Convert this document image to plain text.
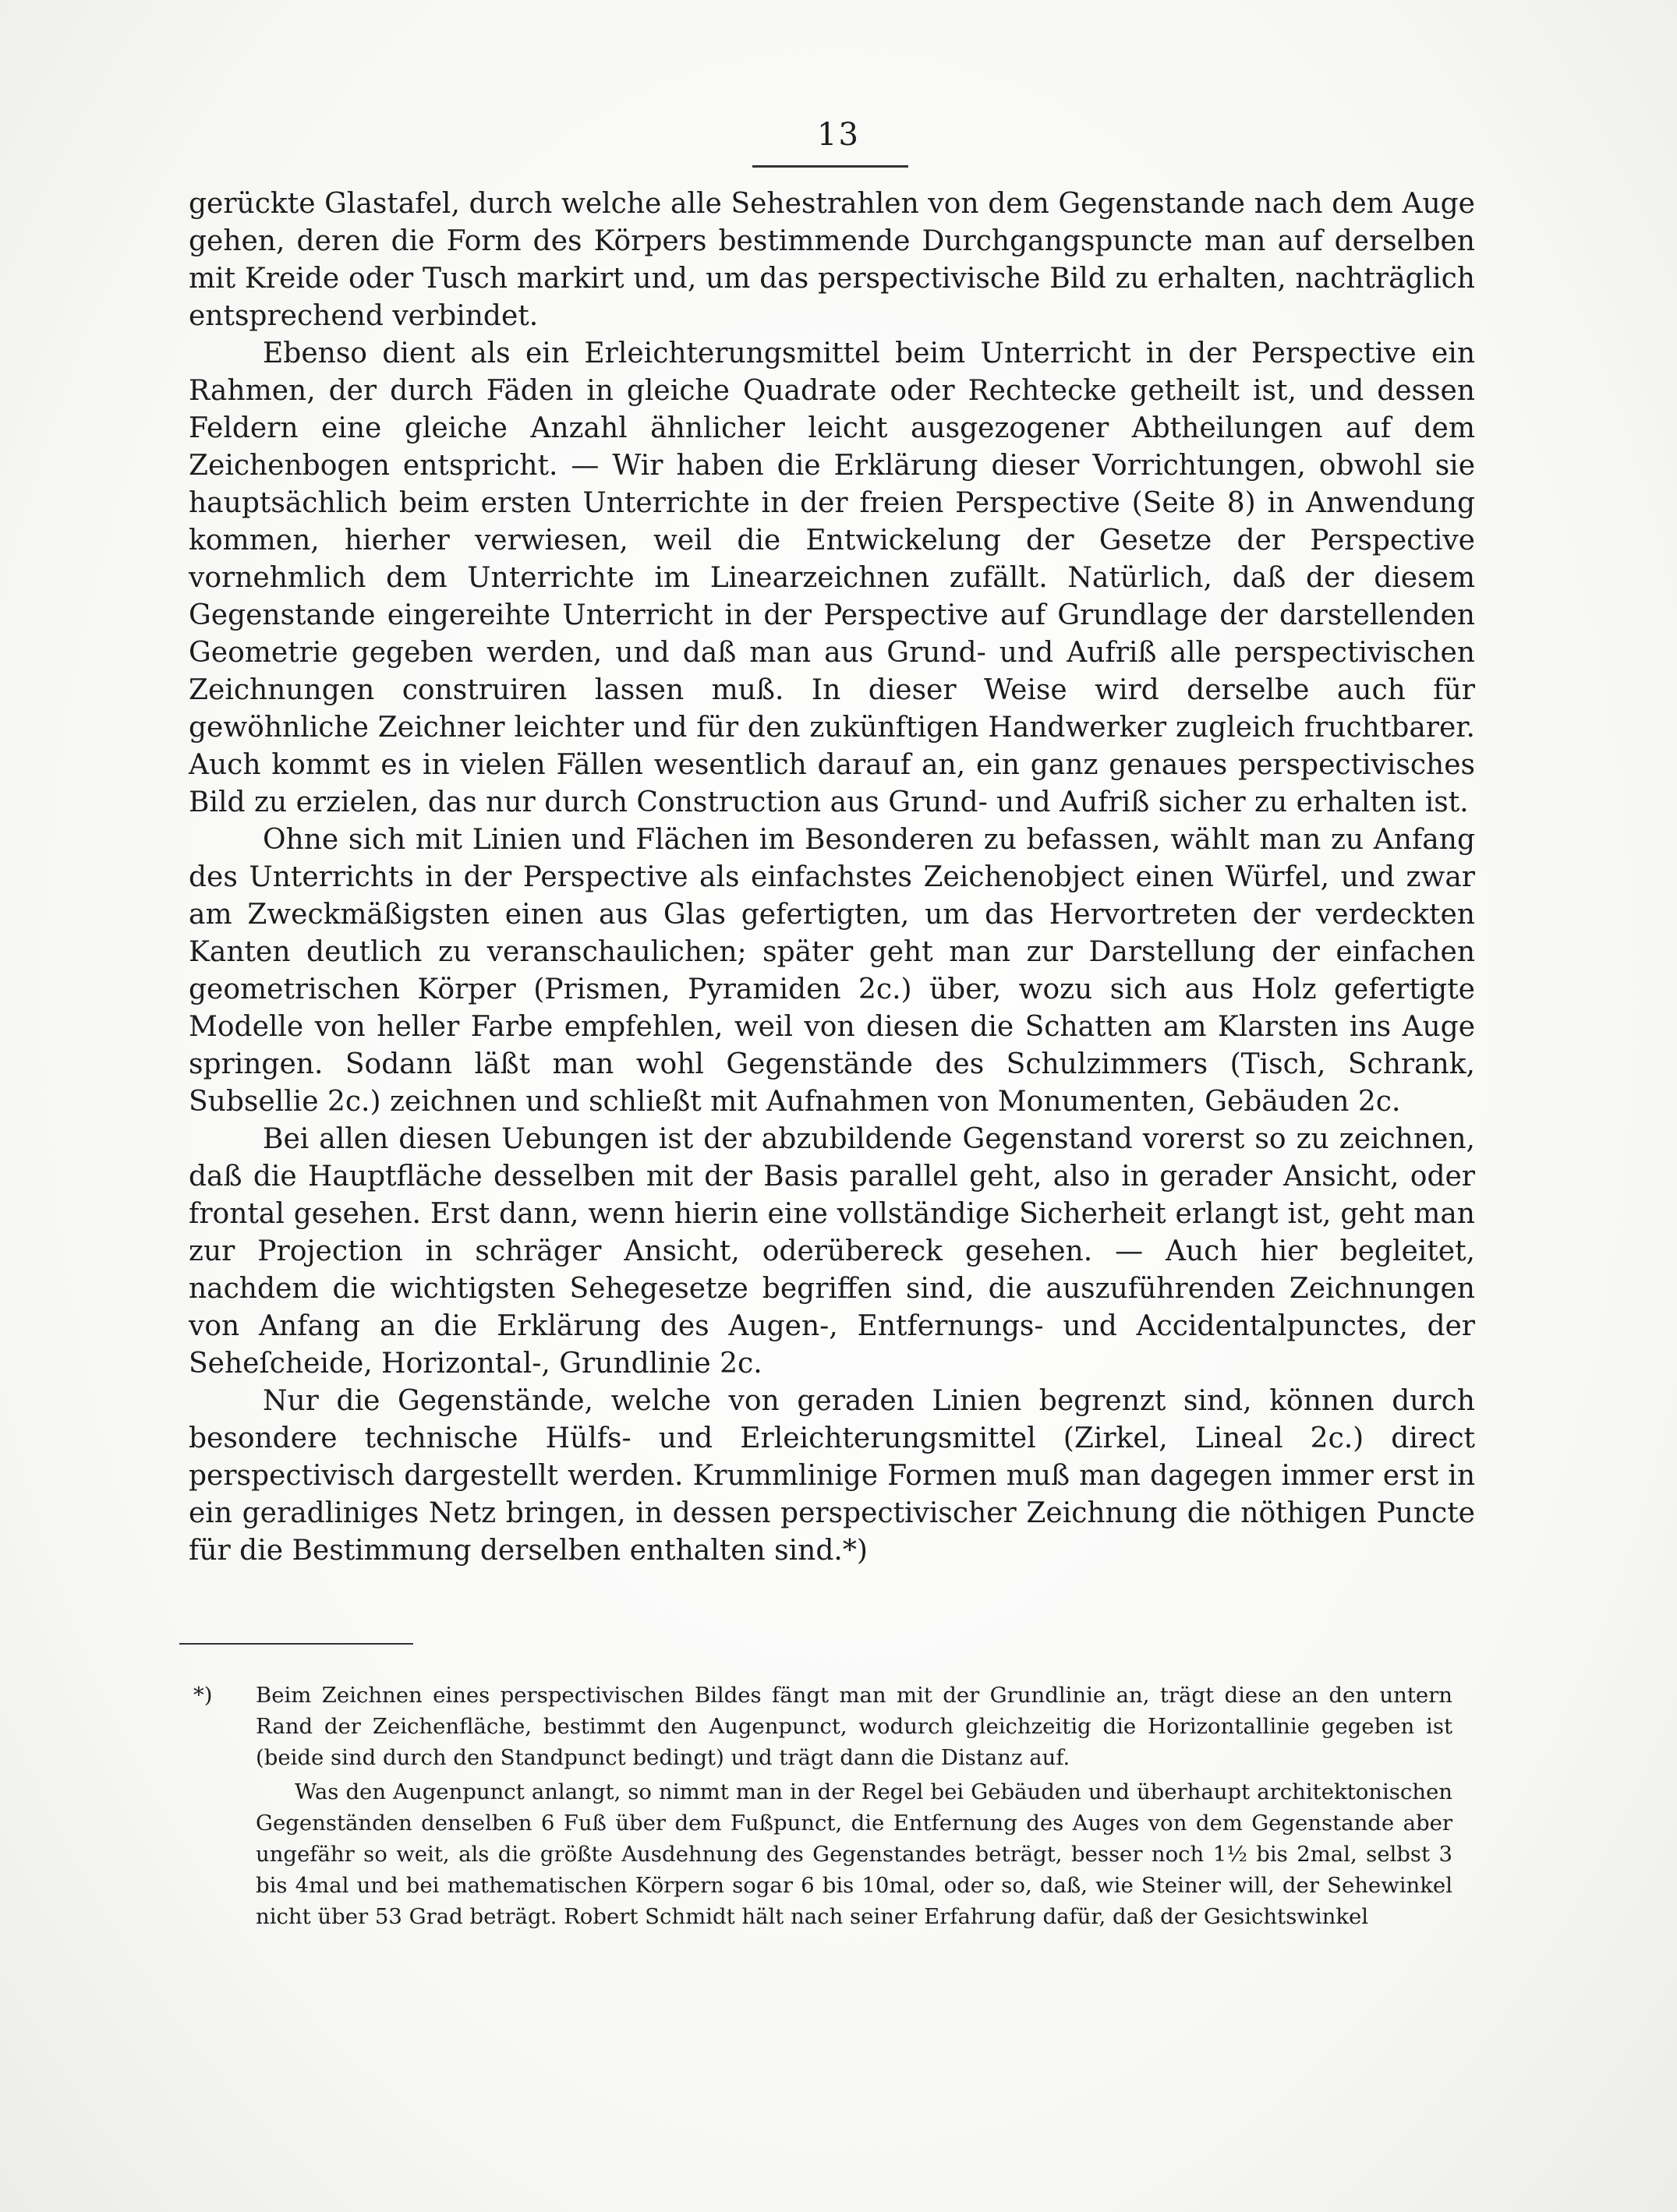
13

gerückte Glastafel, durch welche alle Sehestrahlen von dem Gegenstande nach dem Auge gehen, deren die Form des Körpers bestimmende Durchgangspuncte man auf derselben mit Kreide oder Tusch markirt und, um das perspectivische Bild zu erhalten, nachträglich entsprechend verbindet.

Ebenso dient als ein Erleichterungsmittel beim Unterricht in der Perspective ein Rahmen, der durch Fäden in gleiche Quadrate oder Rechtecke getheilt ist, und dessen Feldern eine gleiche Anzahl ähnlicher leicht ausgezogener Abtheilungen auf dem Zeichenbogen entspricht. — Wir haben die Erklärung dieser Vorrichtungen, obwohl sie hauptsächlich beim ersten Unterrichte in der freien Perspective (Seite 8) in Anwendung kommen, hierher verwiesen, weil die Entwickelung der Gesetze der Perspective vornehmlich dem Unterrichte im Linearzeichnen zufällt. Natürlich, daß der diesem Gegenstande eingereihte Unterricht in der Perspective auf Grundlage der darstellenden Geometrie gegeben werden, und daß man aus Grund- und Aufriß alle perspectivischen Zeichnungen construiren lassen muß. In dieser Weise wird derselbe auch für gewöhnliche Zeichner leichter und für den zukünftigen Handwerker zugleich fruchtbarer. Auch kommt es in vielen Fällen wesentlich darauf an, ein ganz genaues perspectivisches Bild zu erzielen, das nur durch Construction aus Grund- und Aufriß sicher zu erhalten ist.

Ohne sich mit Linien und Flächen im Besonderen zu befassen, wählt man zu Anfang des Unterrichts in der Perspective als einfachstes Zeichenobject einen Würfel, und zwar am Zweckmäßigsten einen aus Glas gefertigten, um das Hervortreten der verdeckten Kanten deutlich zu veranschaulichen; später geht man zur Darstellung der einfachen geometrischen Körper (Prismen, Pyramiden 2c.) über, wozu sich aus Holz gefertigte Modelle von heller Farbe empfehlen, weil von diesen die Schatten am Klarsten ins Auge springen. Sodann läßt man wohl Gegenstände des Schulzimmers (Tisch, Schrank, Subsellie 2c.) zeichnen und schließt mit Aufnahmen von Monumenten, Gebäuden 2c.

Bei allen diesen Uebungen ist der abzubildende Gegenstand vorerst so zu zeichnen, daß die Hauptfläche desselben mit der Basis parallel geht, also in gerader Ansicht, oder frontal gesehen. Erst dann, wenn hierin eine vollständige Sicherheit erlangt ist, geht man zur Projection in schräger Ansicht, oderübereck gesehen. — Auch hier begleitet, nachdem die wichtigsten Sehegesetze begriffen sind, die auszuführenden Zeichnungen von Anfang an die Erklärung des Augen-, Entfernungs- und Accidentalpunctes, der Seheſcheide, Horizontal-, Grundlinie 2c.

Nur die Gegenstände, welche von geraden Linien begrenzt sind, können durch besondere technische Hülfs- und Erleichterungsmittel (Zirkel, Lineal 2c.) direct perspectivisch dargestellt werden. Krummlinige Formen muß man dagegen immer erst in ein geradliniges Netz bringen, in dessen perspectivischer Zeichnung die nöthigen Puncte für die Bestimmung derselben enthalten sind.*)

*) Beim Zeichnen eines perspectivischen Bildes fängt man mit der Grundlinie an, trägt diese an den untern Rand der Zeichenfläche, bestimmt den Augenpunct, wodurch gleichzeitig die Horizontallinie gegeben ist (beide sind durch den Standpunct bedingt) und trägt dann die Distanz auf.

Was den Augenpunct anlangt, so nimmt man in der Regel bei Gebäuden und überhaupt architektonischen Gegenständen denselben 6 Fuß über dem Fußpunct, die Entfernung des Auges von dem Gegenstande aber ungefähr so weit, als die größte Ausdehnung des Gegenstandes beträgt, besser noch 1½ bis 2mal, selbst 3 bis 4mal und bei mathematischen Körpern sogar 6 bis 10mal, oder so, daß, wie Steiner will, der Sehewinkel nicht über 53 Grad beträgt. Robert Schmidt hält nach seiner Erfahrung dafür, daß der Gesichtswinkel
